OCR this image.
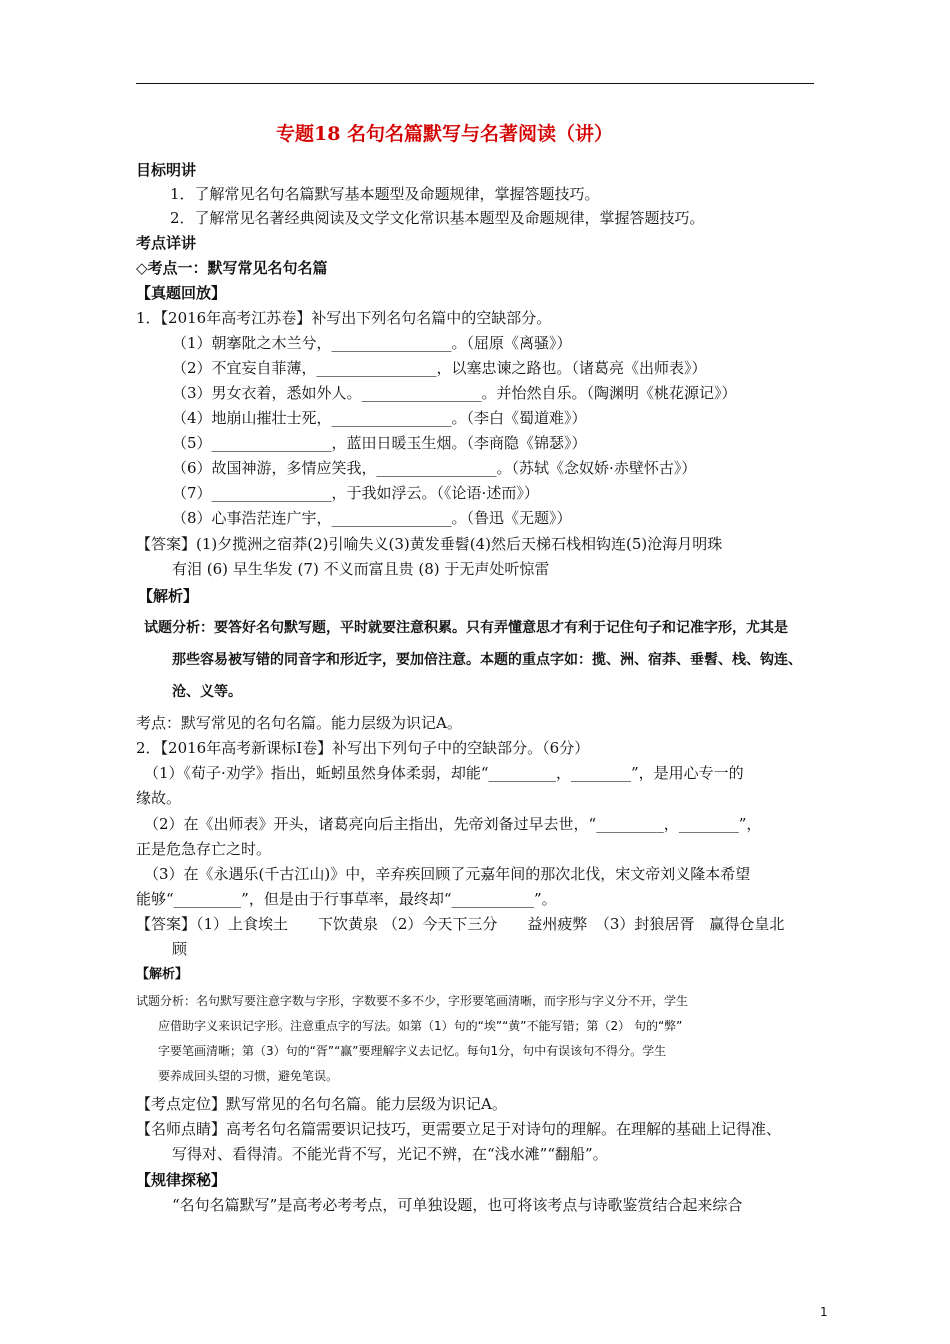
专题18 名句名篇默写与名著阅读（讲）
目标明讲
1．了解常见名句名篇默写基本题型及命题规律，掌握答题技巧。
2．了解常见名著经典阅读及文学文化常识基本题型及命题规律，掌握答题技巧。
考点详讲
◇考点一：默写常见名句名篇
【真题回放】
1．【2016年高考江苏卷】补写出下列名句名篇中的空缺部分。
（1）朝搴阰之木兰兮，________________。（屈原《离骚》）
（2）不宜妄自菲薄，________________，以塞忠谏之路也。（诸葛亮《出师表》）
（3）男女衣着，悉如外人。________________。并怡然自乐。（陶渊明《桃花源记》）
（4）地崩山摧壮士死，________________。（李白《蜀道难》）
（5）________________，蓝田日暖玉生烟。（李商隐《锦瑟》）
（6）故国神游，多情应笑我，________________。（苏轼《念奴娇·赤壁怀古》）
（7）________________，于我如浮云。（《论语·述而》）
（8）心事浩茫连广宇，________________。（鲁迅《无题》）
【答案】(1)夕揽洲之宿莽(2)引喻失义(3)黄发垂髫(4)然后天梯石栈相钩连(5)沧海月明珠
有泪 (6) 早生华发 (7) 不义而富且贵 (8) 于无声处听惊雷
【解析】
试题分析：要答好名句默写题，平时就要注意积累。只有弄懂意思才有利于记住句子和记准字形，尤其是
那些容易被写错的同音字和形近字，要加倍注意。本题的重点字如：揽、洲、宿莽、垂髫、栈、钩连、
沧、义等。
考点：默写常见的名句名篇。能力层级为识记A。
2．【2016年高考新课标Ⅰ卷】补写出下列句子中的空缺部分。（6分）
（1）《荀子·劝学》指出，蚯蚓虽然身体柔弱，却能“_________，________”，是用心专一的
缘故。
（2）在《出师表》开头，诸葛亮向后主指出，先帝刘备过早去世，“_________，________”，
正是危急存亡之时。
（3）在《永遇乐(千古江山)》中，辛弃疾回顾了元嘉年间的那次北伐，宋文帝刘义隆本希望
能够“_________”，但是由于行事草率，最终却“___________”。
【答案】（1）上食埃土　　下饮黄泉 （2）今天下三分　　益州疲弊　（3）封狼居胥　赢得仓皇北
顾
【解析】
试题分析：名句默写要注意字数与字形，字数要不多不少，字形要笔画清晰，而字形与字义分不开，学生
应借助字义来识记字形。注意重点字的写法。如第（1）句的“埃”“黄”不能写错；第（2） 句的“弊”
字要笔画清晰；第（3）句的“胥”“赢”要理解字义去记忆。每句1分，句中有误该句不得分。学生
要养成回头望的习惯，避免笔误。
【考点定位】默写常见的名句名篇。能力层级为识记A。
【名师点睛】高考名句名篇需要识记技巧，更需要立足于对诗句的理解。在理解的基础上记得准、
写得对、看得清。不能光背不写，光记不辨，在“浅水滩”“翻船”。
【规律探秘】
“名句名篇默写”是高考必考考点，可单独设题，也可将该考点与诗歌鉴赏结合起来综合
1
